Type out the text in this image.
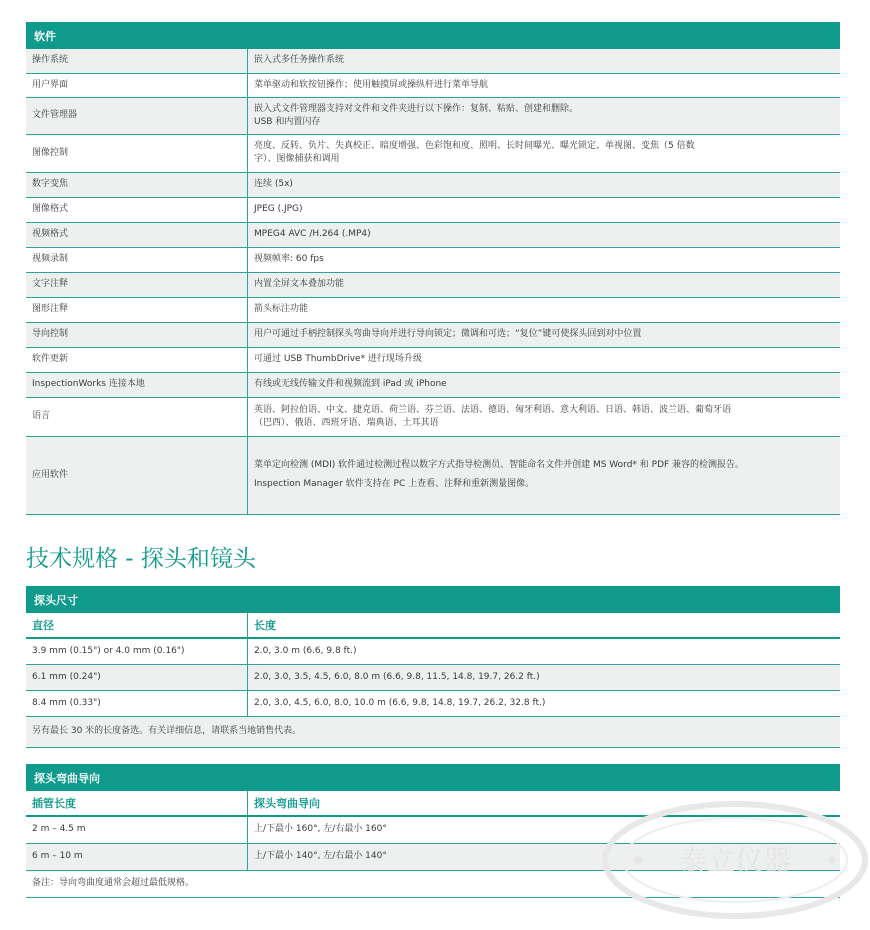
软件
操作系统	嵌入式多任务操作系统
用户界面	菜单驱动和软按钮操作；使用触摸屏或操纵杆进行菜单导航
文件管理器	嵌入式文件管理器支持对文件和文件夹进行以下操作：复制、粘贴、创建和删除。
USB 和内置闪存

图像控制	亮度、反转、负片、失真校正、暗度增强、色彩饱和度、照明、长时间曝光、曝光锁定、单视图、变焦（5 倍数
字）、图像捕获和调用

数字变焦	连续 (5x)
图像格式	JPEG (.JPG)
视频格式	MPEG4 AVC /H.264 (.MP4)
视频录制	视频帧率: 60 fps
文字注释	内置全屏文本叠加功能
图形注释	箭头标注功能
导向控制	用户可通过手柄控制探头弯曲导向并进行导向锁定；微调和可选；“复位”键可使探头回到对中位置
软件更新	可通过 USB ThumbDrive* 进行现场升级
InspectionWorks 连接本地	有线或无线传输文件和视频流到 iPad 或 iPhone
语言	英语、阿拉伯语、中文、捷克语、荷兰语、芬兰语、法语、德语、匈牙利语、意大利语、日语、韩语、波兰语、葡萄牙语
（巴西）、俄语、西班牙语、瑞典语、土耳其语

应用软件	菜单定向检测 (MDI) 软件通过检测过程以数字方式指导检测员、智能命名文件并创建 MS Word* 和 PDF 兼容的检测报告。
Inspection Manager 软件支持在 PC 上查看、注释和重新测量图像。
技术规格 - 探头和镜头
探头尺寸
直径	长度
3.9 mm (0.15") or 4.0 mm (0.16")	2.0, 3.0 m (6.6, 9.8 ft.)
6.1 mm (0.24")	2.0, 3.0, 3.5, 4.5, 6.0, 8.0 m (6.6, 9.8, 11.5, 14.8, 19.7, 26.2 ft.)
8.4 mm (0.33")	2.0, 3.0, 4.5, 6.0, 8.0, 10.0 m (6.6, 9.8, 14.8, 19.7, 26.2, 32.8 ft.)
另有最长 30 米的长度备选。有关详细信息，请联系当地销售代表。
探头弯曲导向
插管长度	探头弯曲导向
2 m – 4.5 m	上/下最小 160°, 左/右最小 160°
6 m – 10 m	上/下最小 140°, 左/右最小 140°
备注：导向弯曲度通常会超过最低规格。
泰立仪器
